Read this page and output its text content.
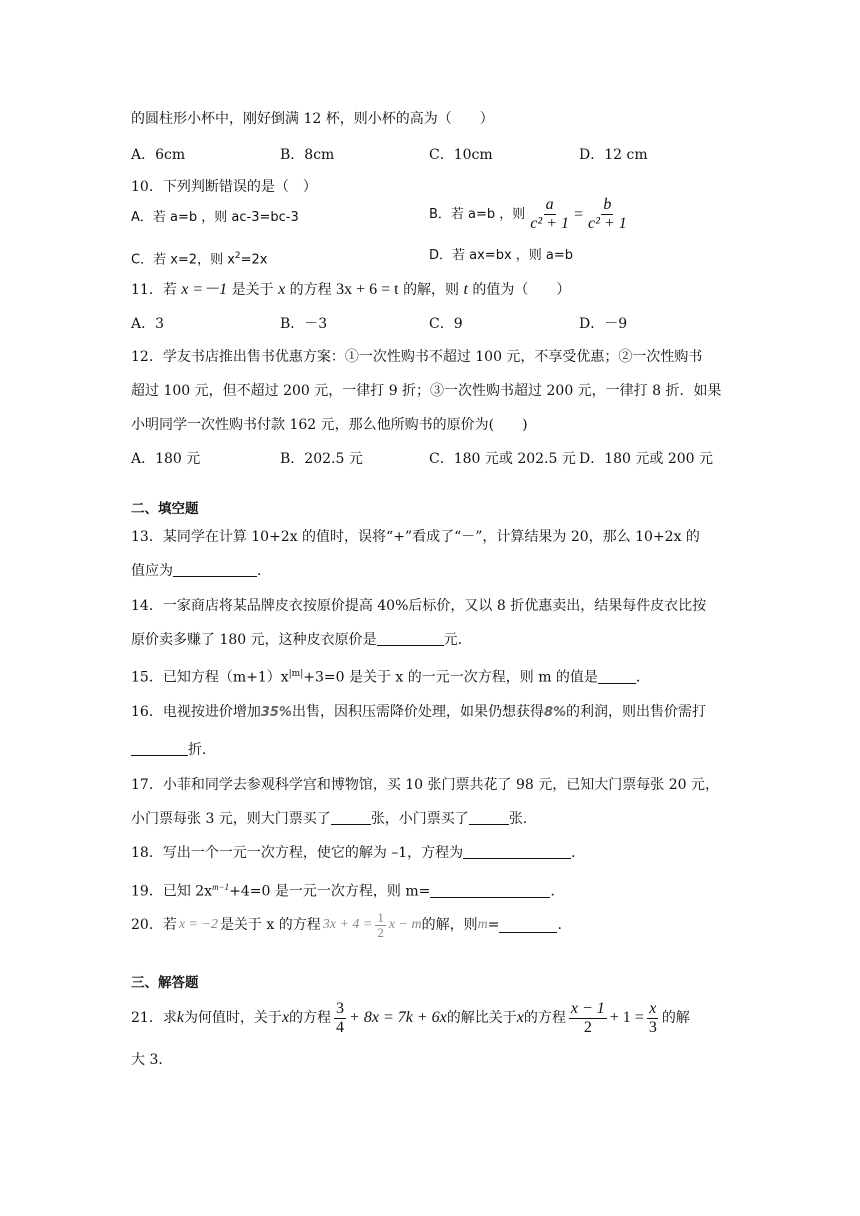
的圆柱形小杯中，刚好倒满 12 杯，则小杯的高为（　　）
A．6cm	B．8cm	C．10cm	D．12 cm
10．下列判断错误的是（　）
A．若 a=b ，则 ac-3=bc-3	B．若 a=b ，则 $\frac{a}{\text{c² + 1}} = \frac{b}{\text{c² + 1}}$
C．若 x=2，则 $x^2=2x$	D．若 ax=bx ，则 a=b
11．若 x =－1 是关于 x 的方程 3x + 6 = t 的解，则 t 的值为（　　）
A．3	B．－3	C．9	D．－9
12．学友书店推出售书优惠方案：①一次性购书不超过 100 元，不享受优惠；②一次性购书
超过 100 元，但不超过 200 元，一律打 9 折；③一次性购书超过 200 元，一律打 8 折．如果
小明同学一次性购书付款 162 元，那么他所购书的原价为(　　)
A．180 元	B．202.5 元	C．180 元或 202.5 元 D．180 元或 200 元
二、填空题
13．某同学在计算 10+2x 的值时，误将“+”看成了“－”，计算结果为 20，那么 10+2x 的
值应为	．
14．一家商店将某品牌皮衣按原价提高 40%后标价，又以 8 折优惠卖出，结果每件皮衣比按
原价卖多赚了 180 元，这种皮衣原价是	元．
15．已知方程$(m+1)x^{|m|}+3=0$ 是关于 x 的一元一次方程，则 m 的值是	．
16．电视按进价增加35%出售，因积压需降价处理，如果仍想获得8%的利润，则出售价需打
折．
17．小菲和同学去参观科学宫和博物馆，买 10 张门票共花了 98 元，已知大门票每张 20 元，
小门票每张 3 元，则大门票买了	张，小门票买了	张.
18．写出一个一元一次方程，使它的解为 –1，方程为	．
19．已知 $2x^{m-1}+4=0$ 是一元一次方程，则 m=	.
20．若 x = −2 是关于 x 的方程 $3x + 4 = \frac{1}{2}$ x − m 的解，则 m =	.
三、解答题
21．求 k 为何值时，关于 x 的方程 $\frac{3}{4} + 8x = 7k + 6x$ 的解比关于 x 的方程 $\frac{x - 1}{2} + 1 = \frac{x}{3}$ 的解
大 3．
